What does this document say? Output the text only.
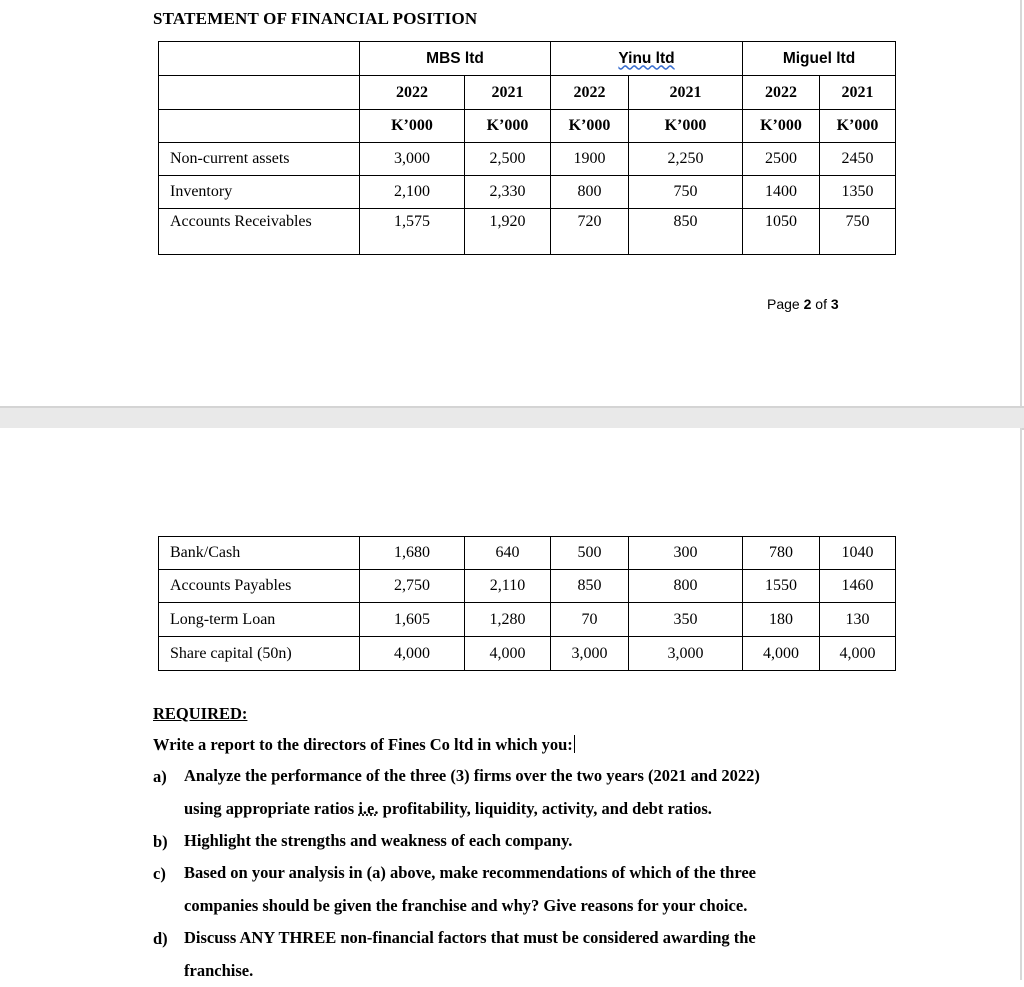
STATEMENT OF FINANCIAL POSITION
	MBS ltd		Yinu ltd		Miguel ltd	
	2022	2021	2022	2021	2022	2021
	K’000	K’000	K’000	K’000	K’000	K’000
Non-current assets	3,000	2,500	1900	2,250	2500	2450
Inventory	2,100	2,330	800	750	1400	1350
Accounts Receivables	1,575	1,920	720	850	1050	750
Page 2 of 3
Bank/Cash	1,680	640	500	300	780	1040
Accounts Payables	2,750	2,110	850	800	1550	1460
Long-term Loan	1,605	1,280	70	350	180	130
Share capital (50n)	4,000	4,000	3,000	3,000	4,000	4,000
REQUIRED:
Write a report to the directors of Fines Co ltd in which you:
a) Analyze the performance of the three (3) firms over the two years (2021 and 2022)
using appropriate ratios i.e. profitability, liquidity, activity, and debt ratios.
b) Highlight the strengths and weakness of each company.
c) Based on your analysis in (a) above, make recommendations of which of the three
companies should be given the franchise and why? Give reasons for your choice.
d) Discuss ANY THREE non-financial factors that must be considered awarding the
franchise.
